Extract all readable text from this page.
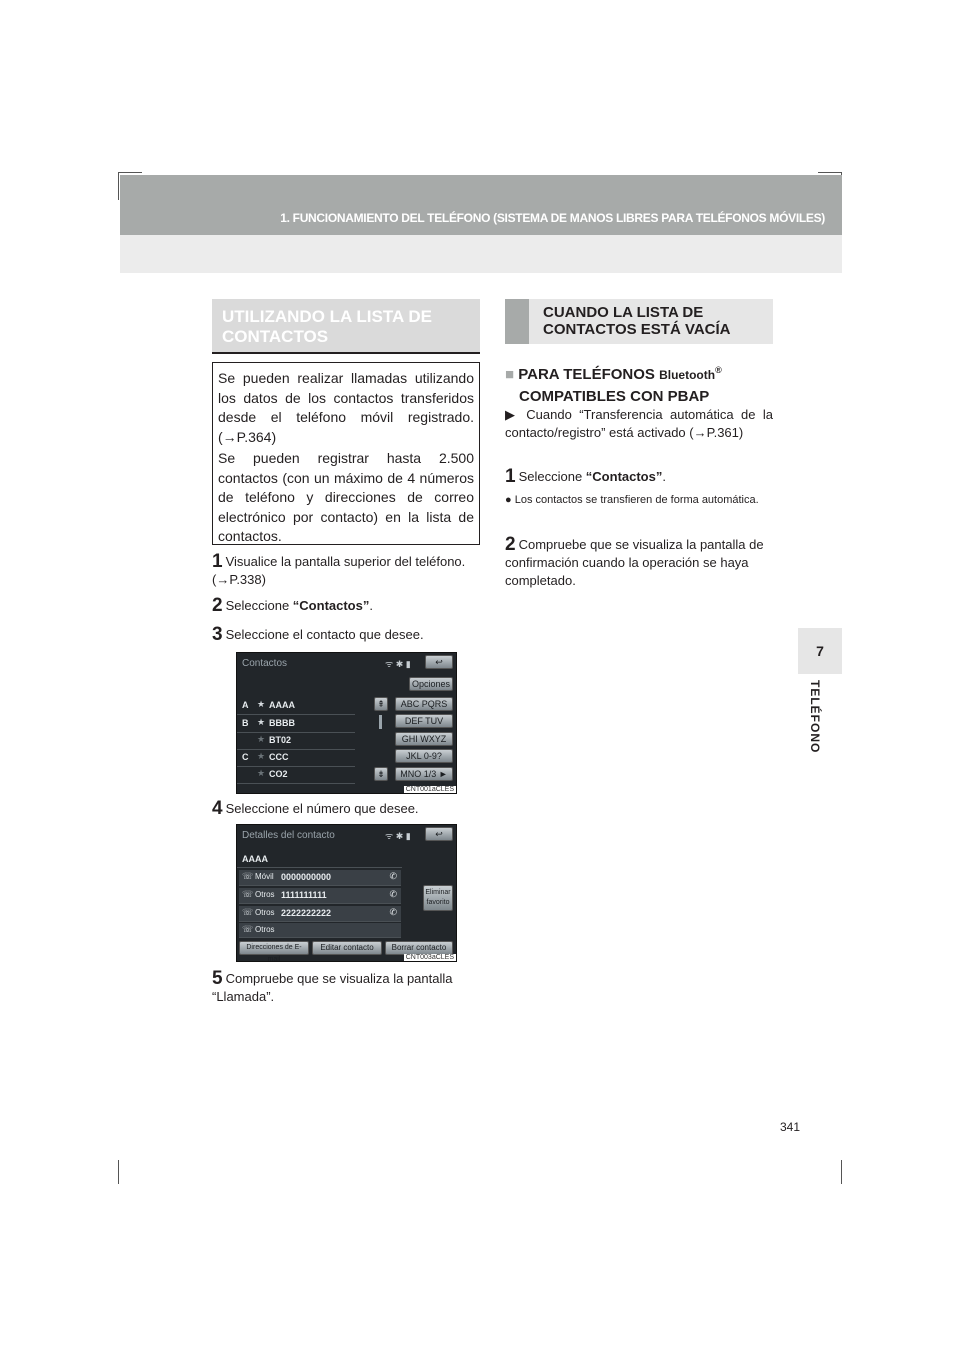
1. FUNCIONAMIENTO DEL TELÉFONO (SISTEMA DE MANOS LIBRES PARA TELÉFONOS MÓVILES)
7
TELÉFONO
UTILIZANDO LA LISTA DE CONTACTOS
Se pueden realizar llamadas utilizando los datos de los contactos transferidos desde el teléfono móvil registrado. (→P.364)
Se pueden registrar hasta 2.500 contactos (con un máximo de 4 números de teléfono y direcciones de correo electrónico por contacto) en la lista de contactos.
1 Visualice la pantalla superior del teléfono. (→P.338)
2 Seleccione “Contactos”.
3 Seleccione el contacto que desee.
Contactos	ᯤ ✱ ▮	↩
Opciones
A ★ AAAA
B ★ BBBB
★ BT02
C ★ CCC
★ CO2
⇞
⇟
ABC PQRS
DEF TUV
GHI WXYZ
JKL 0-9?
MNO 1/3 ►
CNT001aCLES
4 Seleccione el número que desee.
Detalles del contacto	ᯤ ✱ ▮	↩
AAAA
☏ Móvil 0000000000	✆
☏ Otros 1111111111	✆
☏ Otros 2222222222	✆
☏ Otros
Eliminar favorito
Direcciones de E-mail
Editar contacto	Borrar contacto
CNT003aCLES
5 Compruebe que se visualiza la pantalla “Llamada”.
CUANDO LA LISTA DE CONTACTOS ESTÁ VACÍA
■ PARA TELÉFONOS Bluetooth®
COMPATIBLES CON PBAP
▶ Cuando “Transferencia automática de la contacto/registro” está activado (→P.361)
1 Seleccione “Contactos”.
● Los contactos se transfieren de forma automática.
2 Compruebe que se visualiza la pantalla de confirmación cuando la operación se haya completado.
341
